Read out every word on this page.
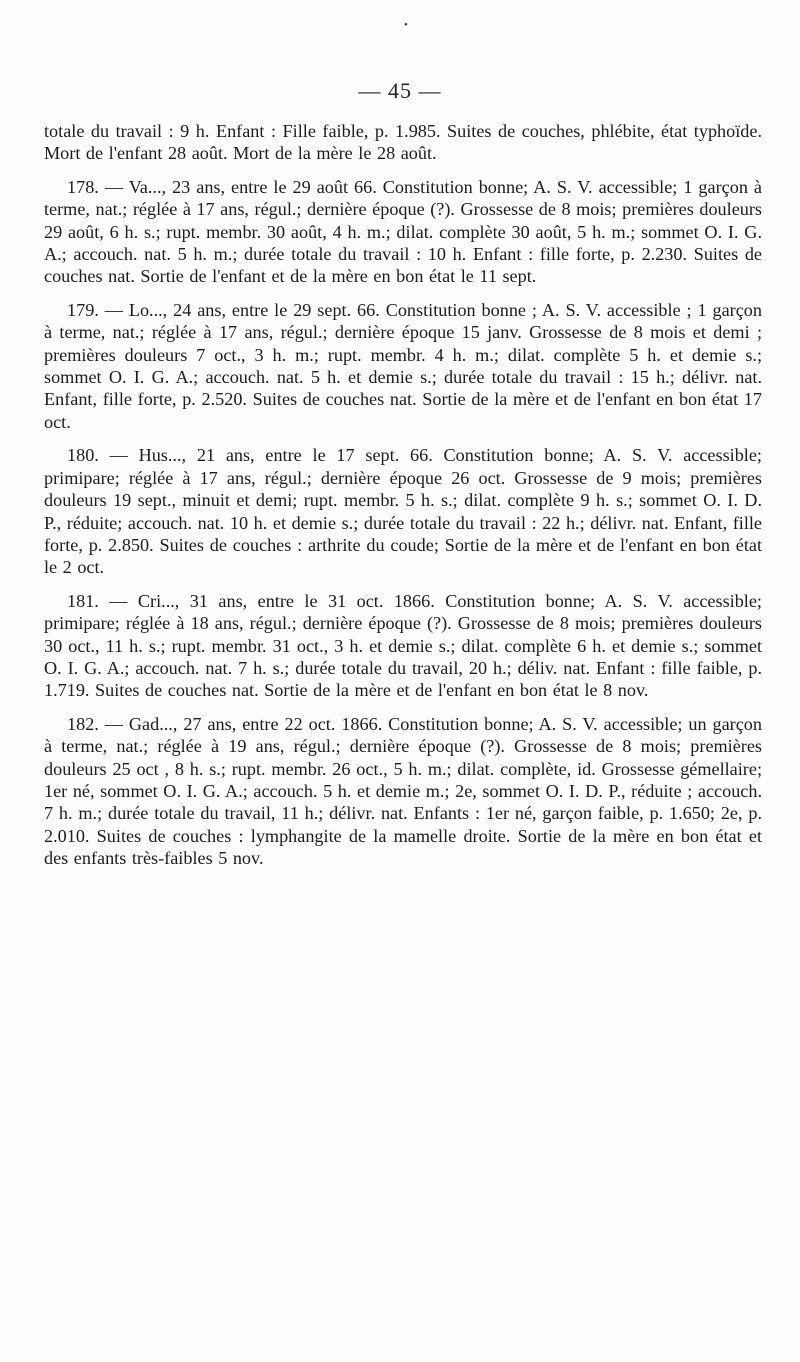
•
— 45 —

totale du travail : 9 h. Enfant : Fille faible, p. 1.985. Suites de couches, phlébite, état typhoïde. Mort de l'enfant 28 août. Mort de la mère le 28 août.

178. — Va..., 23 ans, entre le 29 août 66. Constitution bonne; A. S. V. accessible; 1 garçon à terme, nat.; réglée à 17 ans, régul.; dernière époque (?). Grossesse de 8 mois; premières douleurs 29 août, 6 h. s.; rupt. membr. 30 août, 4 h. m.; dilat. complète 30 août, 5 h. m.; sommet O. I. G. A.; accouch. nat. 5 h. m.; durée totale du travail : 10 h. Enfant : fille forte, p. 2.230. Suites de couches nat. Sortie de l'enfant et de la mère en bon état le 11 sept.

179. — Lo..., 24 ans, entre le 29 sept. 66. Constitution bonne ; A. S. V. accessible ; 1 garçon à terme, nat.; réglée à 17 ans, régul.; dernière époque 15 janv. Grossesse de 8 mois et demi ; premières douleurs 7 oct., 3 h. m.; rupt. membr. 4 h. m.; dilat. complète 5 h. et demie s.; sommet O. I. G. A.; accouch. nat. 5 h. et demie s.; durée totale du travail : 15 h.; délivr. nat. Enfant, fille forte, p. 2.520. Suites de couches nat. Sortie de la mère et de l'enfant en bon état 17 oct.

180. — Hus..., 21 ans, entre le 17 sept. 66. Constitution bonne; A. S. V. accessible; primipare; réglée à 17 ans, régul.; dernière époque 26 oct. Grossesse de 9 mois; premières douleurs 19 sept., minuit et demi; rupt. membr. 5 h. s.; dilat. complète 9 h. s.; sommet O. I. D. P., réduite; accouch. nat. 10 h. et demie s.; durée totale du travail : 22 h.; délivr. nat. Enfant, fille forte, p. 2.850. Suites de couches : arthrite du coude; Sortie de la mère et de l'enfant en bon état le 2 oct.

181. — Cri..., 31 ans, entre le 31 oct. 1866. Constitution bonne; A. S. V. accessible; primipare; réglée à 18 ans, régul.; dernière époque (?). Grossesse de 8 mois; premières douleurs 30 oct., 11 h. s.; rupt. membr. 31 oct., 3 h. et demie s.; dilat. complète 6 h. et demie s.; sommet O. I. G. A.; accouch. nat. 7 h. s.; durée totale du travail, 20 h.; déliv. nat. Enfant : fille faible, p. 1.719. Suites de couches nat. Sortie de la mère et de l'enfant en bon état le 8 nov.

182. — Gad..., 27 ans, entre 22 oct. 1866. Constitution bonne; A. S. V. accessible; un garçon à terme, nat.; réglée à 19 ans, régul.; dernière époque (?). Grossesse de 8 mois; premières douleurs 25 oct , 8 h. s.; rupt. membr. 26 oct., 5 h. m.; dilat. complète, id. Grossesse gémellaire; 1er né, sommet O. I. G. A.; accouch. 5 h. et demie m.; 2e, sommet O. I. D. P., réduite ; accouch. 7 h. m.; durée totale du travail, 11 h.; délivr. nat. Enfants : 1er né, garçon faible, p. 1.650; 2e, p. 2.010. Suites de couches : lymphangite de la mamelle droite. Sortie de la mère en bon état et des enfants très-faibles 5 nov.
